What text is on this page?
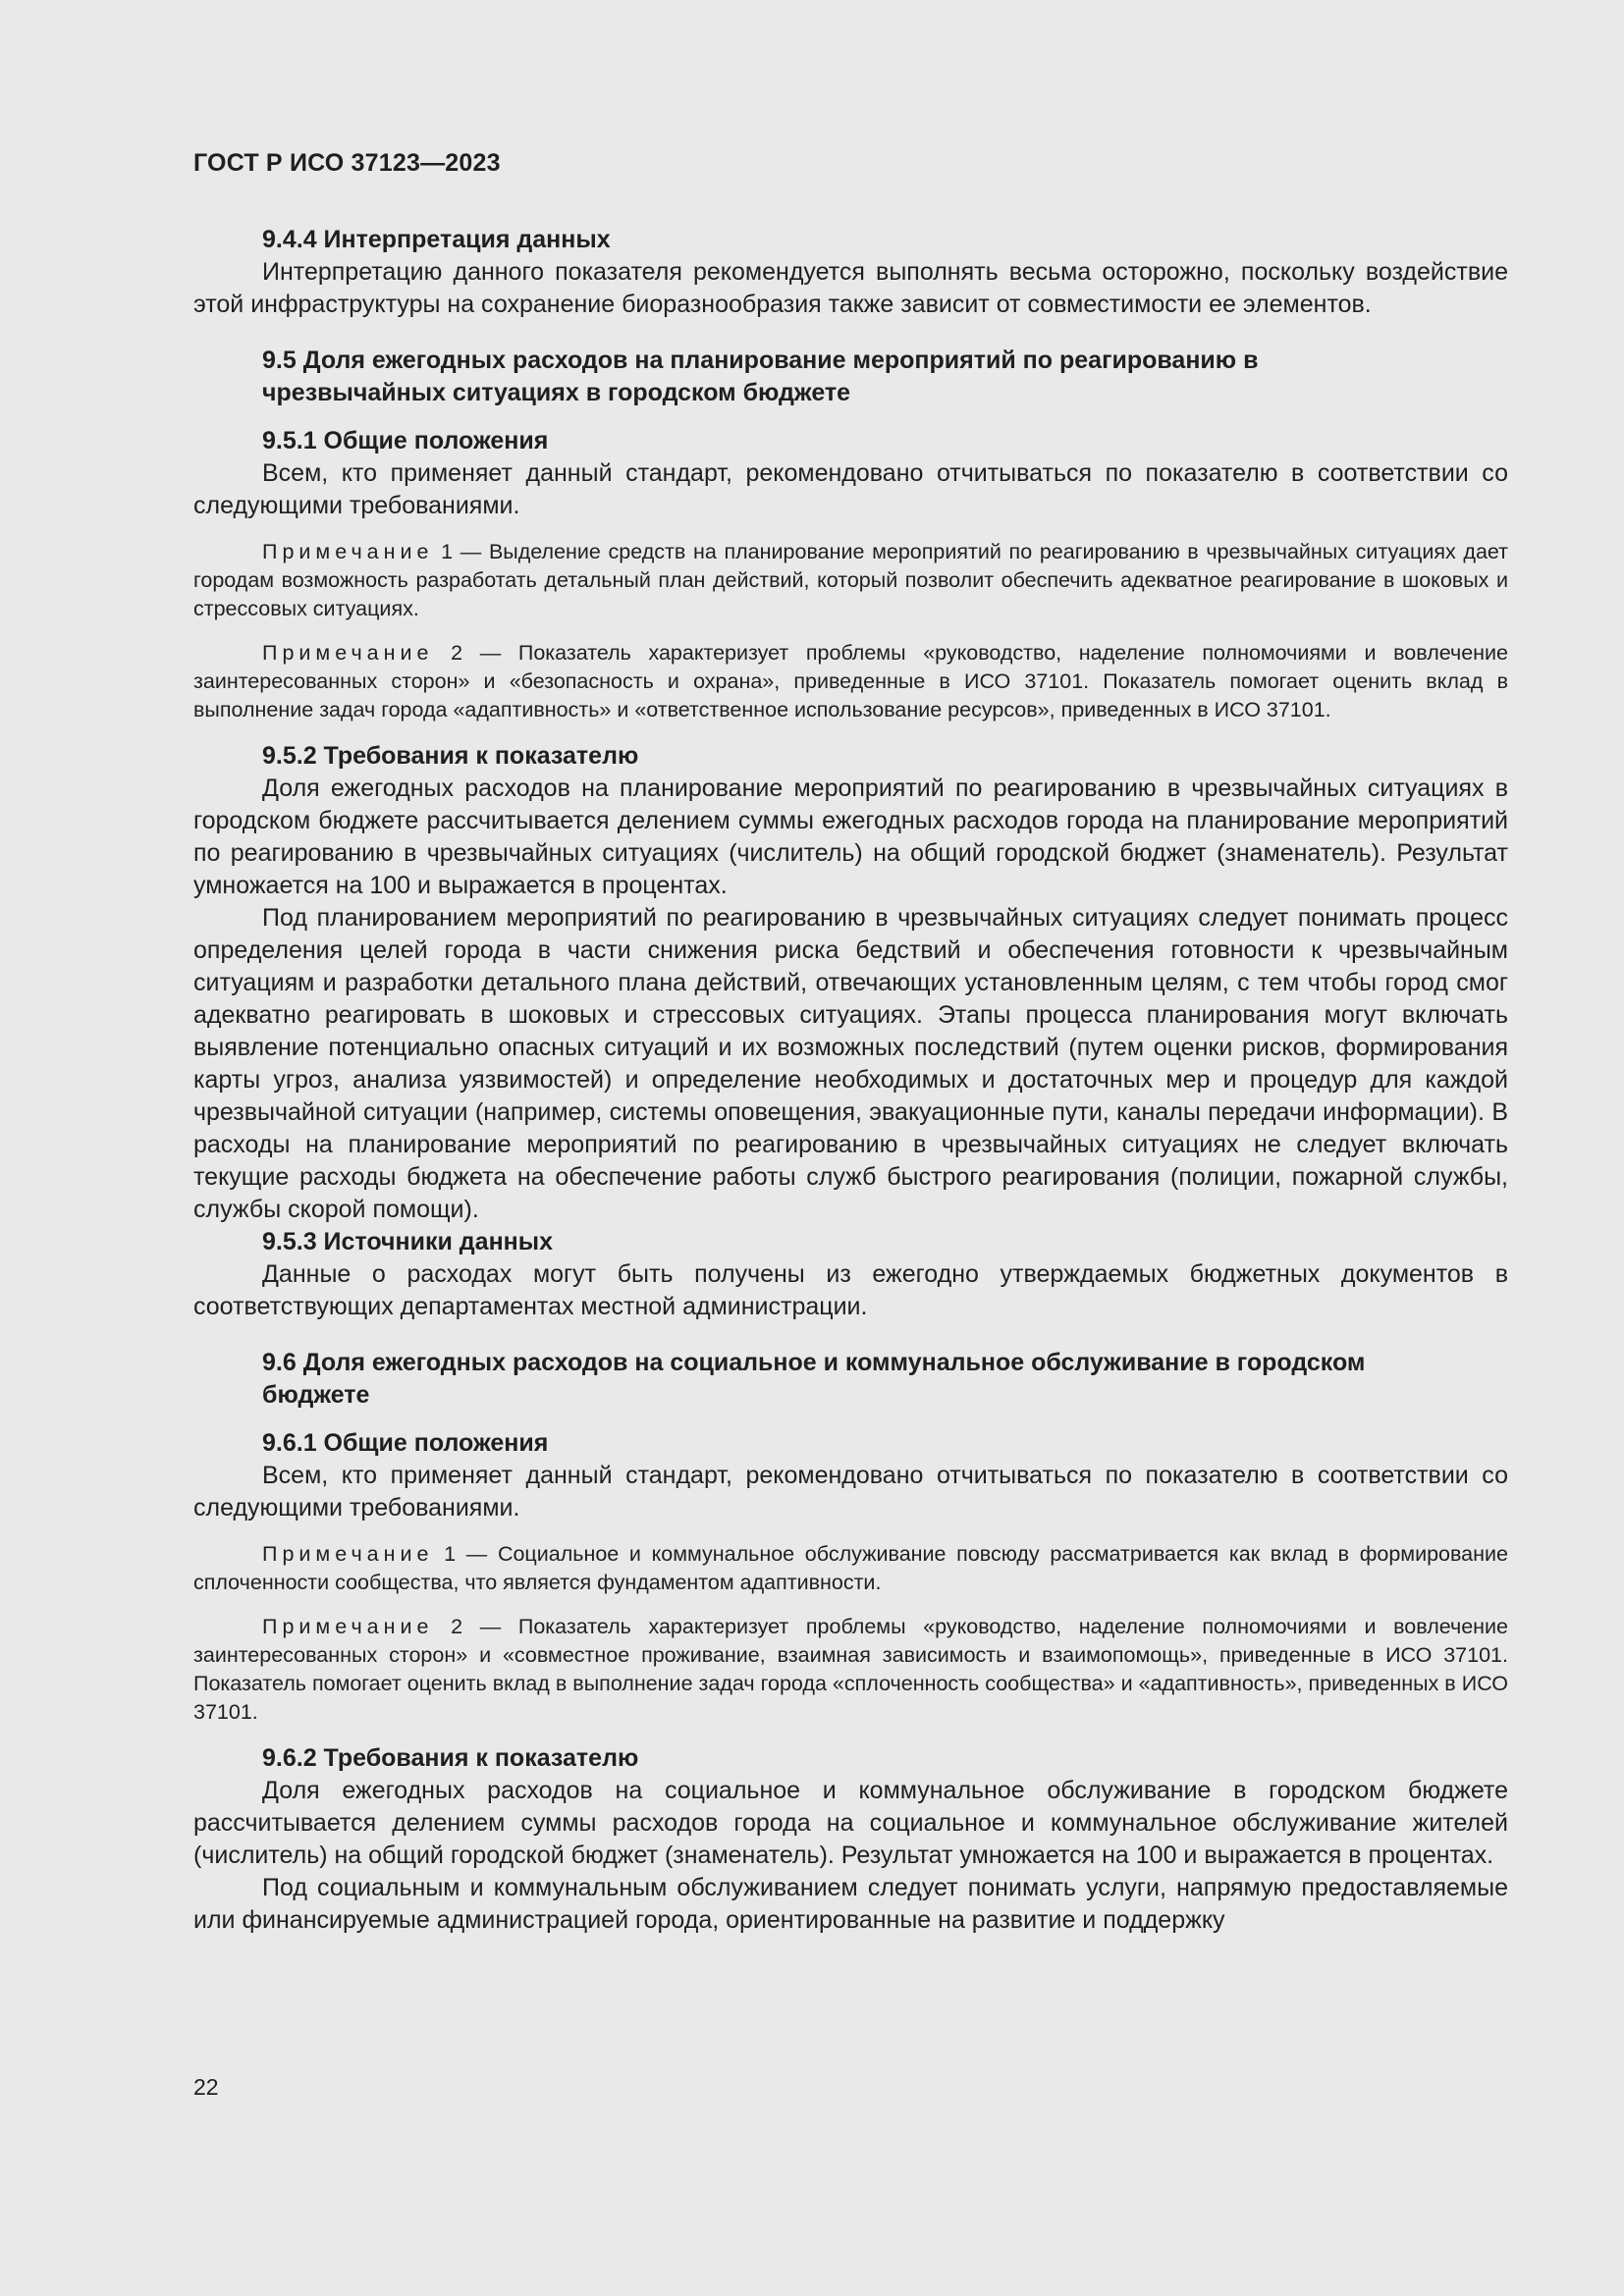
ГОСТ Р ИСО 37123—2023
9.4.4 Интерпретация данных

Интерпретацию данного показателя рекомендуется выполнять весьма осторожно, поскольку воздействие этой инфраструктуры на сохранение биоразнообразия также зависит от совместимости ее элементов.

9.5 Доля ежегодных расходов на планирование мероприятий по реагированию в чрезвычайных ситуациях в городском бюджете
9.5.1 Общие положения

Всем, кто применяет данный стандарт, рекомендовано отчитываться по показателю в соответствии со следующими требованиями.

Примечание 1 — Выделение средств на планирование мероприятий по реагированию в чрезвычайных ситуациях дает городам возможность разработать детальный план действий, который позволит обеспечить адекватное реагирование в шоковых и стрессовых ситуациях.
Примечание 2 — Показатель характеризует проблемы «руководство, наделение полномочиями и вовлечение заинтересованных сторон» и «безопасность и охрана», приведенные в ИСО 37101. Показатель помогает оценить вклад в выполнение задач города «адаптивность» и «ответственное использование ресурсов», приведенных в ИСО 37101.
9.5.2 Требования к показателю

Доля ежегодных расходов на планирование мероприятий по реагированию в чрезвычайных ситуациях в городском бюджете рассчитывается делением суммы ежегодных расходов города на планирование мероприятий по реагированию в чрезвычайных ситуациях (числитель) на общий городской бюджет (знаменатель). Результат умножается на 100 и выражается в процентах.

Под планированием мероприятий по реагированию в чрезвычайных ситуациях следует понимать процесс определения целей города в части снижения риска бедствий и обеспечения готовности к чрезвычайным ситуациям и разработки детального плана действий, отвечающих установленным целям, с тем чтобы город смог адекватно реагировать в шоковых и стрессовых ситуациях. Этапы процесса планирования могут включать выявление потенциально опасных ситуаций и их возможных последствий (путем оценки рисков, формирования карты угроз, анализа уязвимостей) и определение необходимых и достаточных мер и процедур для каждой чрезвычайной ситуации (например, системы оповещения, эвакуационные пути, каналы передачи информации). В расходы на планирование мероприятий по реагированию в чрезвычайных ситуациях не следует включать текущие расходы бюджета на обеспечение работы служб быстрого реагирования (полиции, пожарной службы, службы скорой помощи).

9.5.3 Источники данных

Данные о расходах могут быть получены из ежегодно утверждаемых бюджетных документов в соответствующих департаментах местной администрации.

9.6 Доля ежегодных расходов на социальное и коммунальное обслуживание в городском бюджете
9.6.1 Общие положения

Всем, кто применяет данный стандарт, рекомендовано отчитываться по показателю в соответствии со следующими требованиями.

Примечание 1 — Социальное и коммунальное обслуживание повсюду рассматривается как вклад в формирование сплоченности сообщества, что является фундаментом адаптивности.
Примечание 2 — Показатель характеризует проблемы «руководство, наделение полномочиями и вовлечение заинтересованных сторон» и «совместное проживание, взаимная зависимость и взаимопомощь», приведенные в ИСО 37101. Показатель помогает оценить вклад в выполнение задач города «сплоченность сообщества» и «адаптивность», приведенных в ИСО 37101.
9.6.2 Требования к показателю

Доля ежегодных расходов на социальное и коммунальное обслуживание в городском бюджете рассчитывается делением суммы расходов города на социальное и коммунальное обслуживание жителей (числитель) на общий городской бюджет (знаменатель). Результат умножается на 100 и выражается в процентах.

Под социальным и коммунальным обслуживанием следует понимать услуги, напрямую предоставляемые или финансируемые администрацией города, ориентированные на развитие и поддержку

22
